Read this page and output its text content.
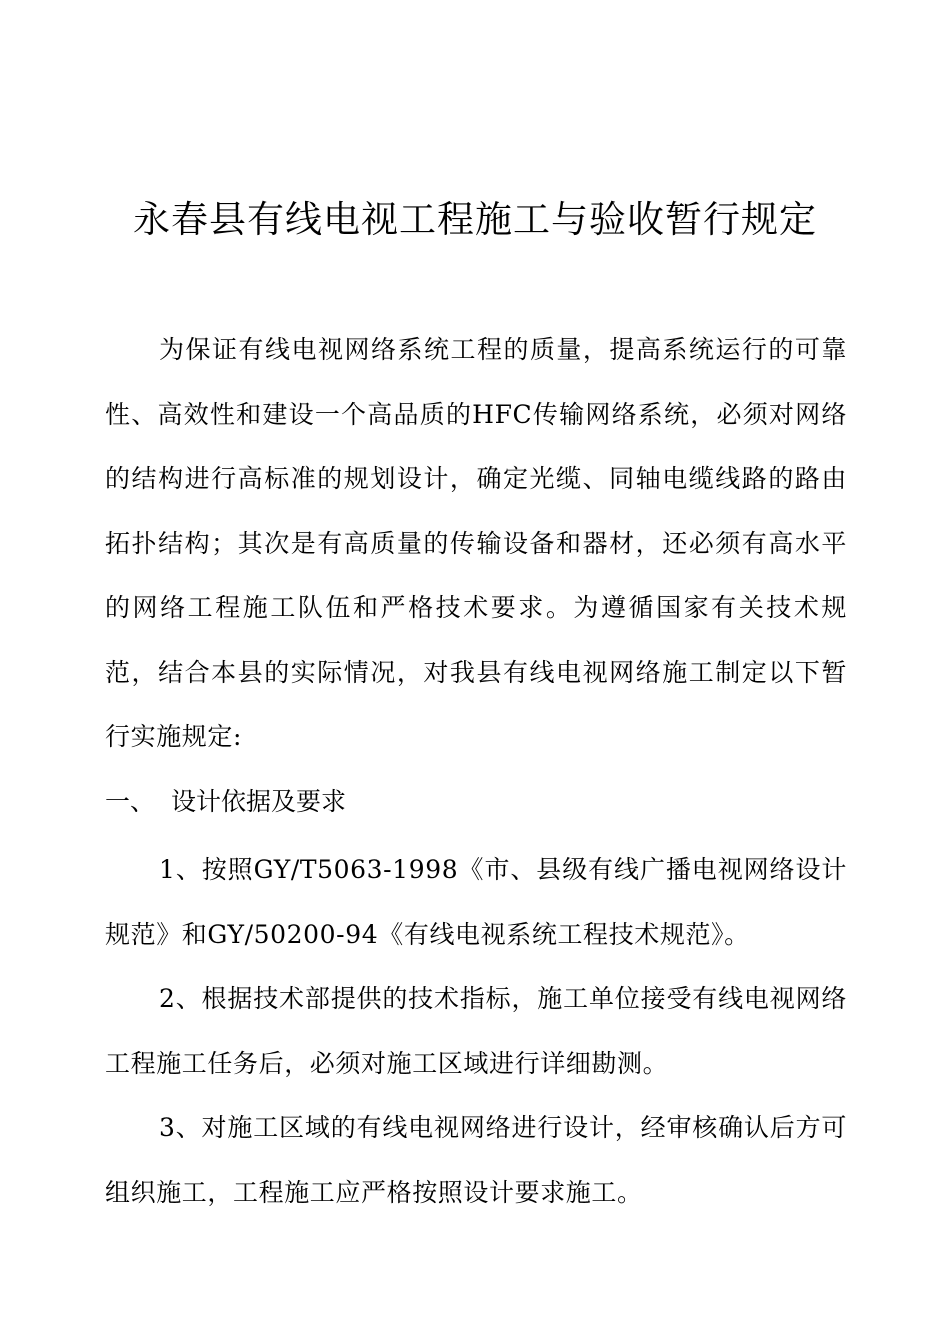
永春县有线电视工程施工与验收暂行规定

为保证有线电视网络系统工程的质量，提高系统运行的可靠性、高效性和建设一个高品质的HFC传输网络系统，必须对网络的结构进行高标准的规划设计，确定光缆、同轴电缆线路的路由拓扑结构；其次是有高质量的传输设备和器材，还必须有高水平的网络工程施工队伍和严格技术要求。为遵循国家有关技术规范，结合本县的实际情况，对我县有线电视网络施工制定以下暂行实施规定:

一、 设计依据及要求

1、按照GY/T5063-1998《市、县级有线广播电视网络设计规范》和GY/50200-94《有线电视系统工程技术规范》。

2、根据技术部提供的技术指标，施工单位接受有线电视网络工程施工任务后，必须对施工区域进行详细勘测。

3、对施工区域的有线电视网络进行设计，经审核确认后方可组织施工，工程施工应严格按照设计要求施工。
